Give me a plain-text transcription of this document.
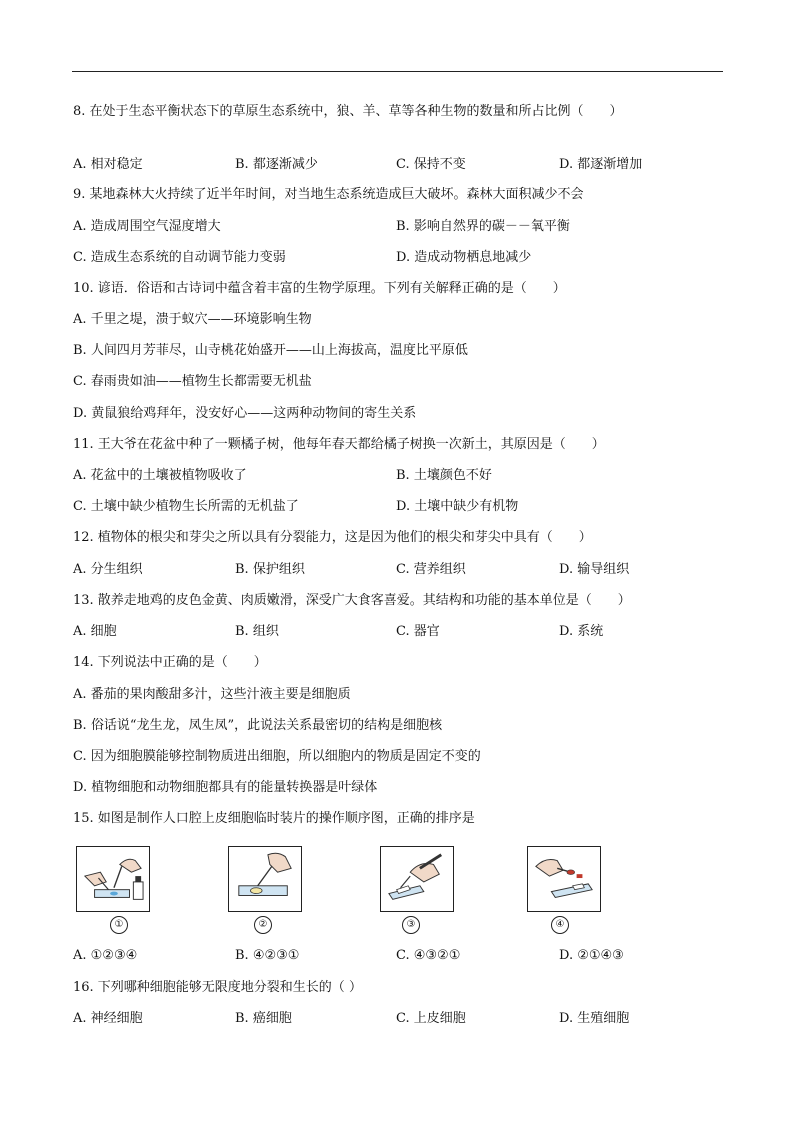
8. 在处于生态平衡状态下的草原生态系统中，狼、羊、草等各种生物的数量和所占比例（　　）
A. 相对稳定	B. 都逐渐减少	C. 保持不变	D. 都逐渐增加
9. 某地森林大火持续了近半年时间，对当地生态系统造成巨大破坏。森林大面积减少不会
A. 造成周围空气湿度增大	B. 影响自然界的碳－－氧平衡
C. 造成生态系统的自动调节能力变弱	D. 造成动物栖息地减少
10. 谚语．俗语和古诗词中蕴含着丰富的生物学原理。下列有关解释正确的是（　　）
A. 千里之堤，溃于蚁穴——环境影响生物
B. 人间四月芳菲尽，山寺桃花始盛开——山上海拔高，温度比平原低
C. 春雨贵如油——植物生长都需要无机盐
D. 黄鼠狼给鸡拜年，没安好心——这两种动物间的寄生关系
11. 王大爷在花盆中种了一颗橘子树，他每年春天都给橘子树换一次新土，其原因是（　　）
A. 花盆中的土壤被植物吸收了	B. 土壤颜色不好
C. 土壤中缺少植物生长所需的无机盐了	D. 土壤中缺少有机物
12. 植物体的根尖和芽尖之所以具有分裂能力，这是因为他们的根尖和芽尖中具有（　　）
A. 分生组织	B. 保护组织	C. 营养组织	D. 输导组织
13. 散养走地鸡的皮色金黄、肉质嫩滑，深受广大食客喜爱。其结构和功能的基本单位是（　　）
A. 细胞	B. 组织	C. 器官	D. 系统
14. 下列说法中正确的是（　　）
A. 番茄的果肉酸甜多汁，这些汁液主要是细胞质
B. 俗话说“龙生龙，凤生凤”，此说法关系最密切的结构是细胞核
C. 因为细胞膜能够控制物质进出细胞，所以细胞内的物质是固定不变的
D. 植物细胞和动物细胞都具有的能量转换器是叶绿体
15. 如图是制作人口腔上皮细胞临时装片的操作顺序图，正确的排序是
①	②	③	④
A. ①②③④	B. ④②③①	C. ④③②①	D. ②①④③
16. 下列哪种细胞能够无限度地分裂和生长的（ ）
A. 神经细胞	B. 癌细胞	C. 上皮细胞	D. 生殖细胞
